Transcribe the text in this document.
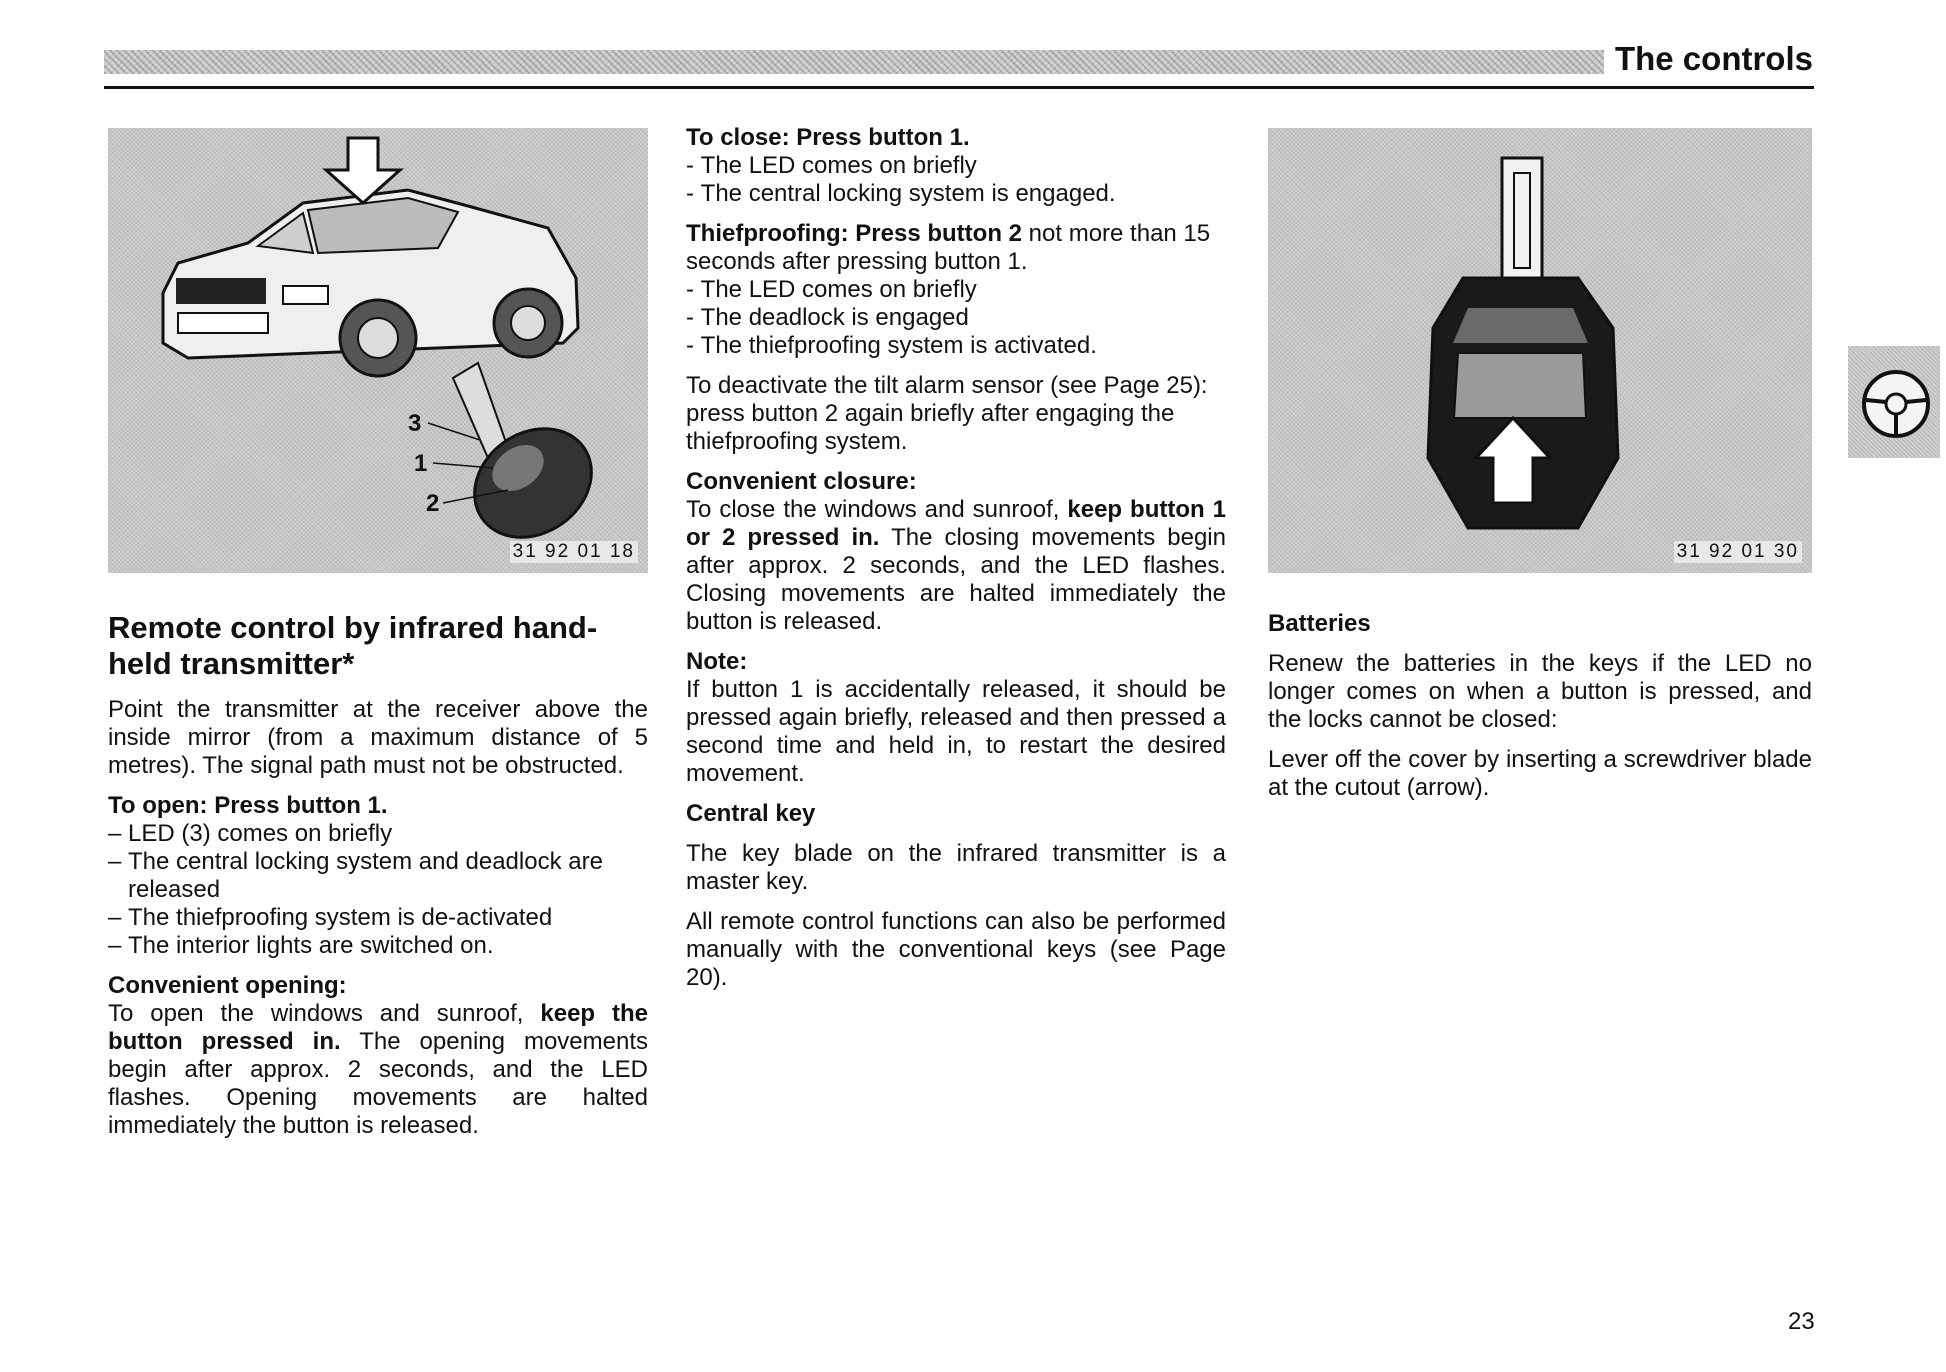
The controls
3
1
2
31 92 01 18	31 92 01 30
Remote control by infrared hand-held transmitter*

Point the transmitter at the receiver above the inside mirror (from a maximum distance of 5 metres). The signal path must not be obstructed.

To open: Press button 1.
– LED (3) comes on briefly
– The central locking system and deadlock are released
– The thiefproofing system is de-activated
– The interior lights are switched on.
Convenient opening:

To open the windows and sunroof, keep the button pressed in. The opening movements begin after approx. 2 seconds, and the LED flashes. Opening movements are halted immediately the button is released.

To close: Press button 1.
- The LED comes on briefly
- The central locking system is engaged.

Thiefproofing: Press button 2 not more than 15 seconds after pressing button 1.

- The LED comes on briefly
- The deadlock is engaged
- The thiefproofing system is activated.

To deactivate the tilt alarm sensor (see Page 25): press button 2 again briefly after engaging the thiefproofing system.

Convenient closure:

To close the windows and sunroof, keep button 1 or 2 pressed in. The closing movements begin after approx. 2 seconds, and the LED flashes. Closing movements are halted immediately the button is released.

Note:

If button 1 is accidentally released, it should be pressed again briefly, released and then pressed a second time and held in, to restart the desired movement.

Central key

The key blade on the infrared transmitter is a master key.

All remote control functions can also be performed manually with the conventional keys (see Page 20).

Batteries

Renew the batteries in the keys if the LED no longer comes on when a button is pressed, and the locks cannot be closed:

Lever off the cover by inserting a screwdriver blade at the cutout (arrow).

23
